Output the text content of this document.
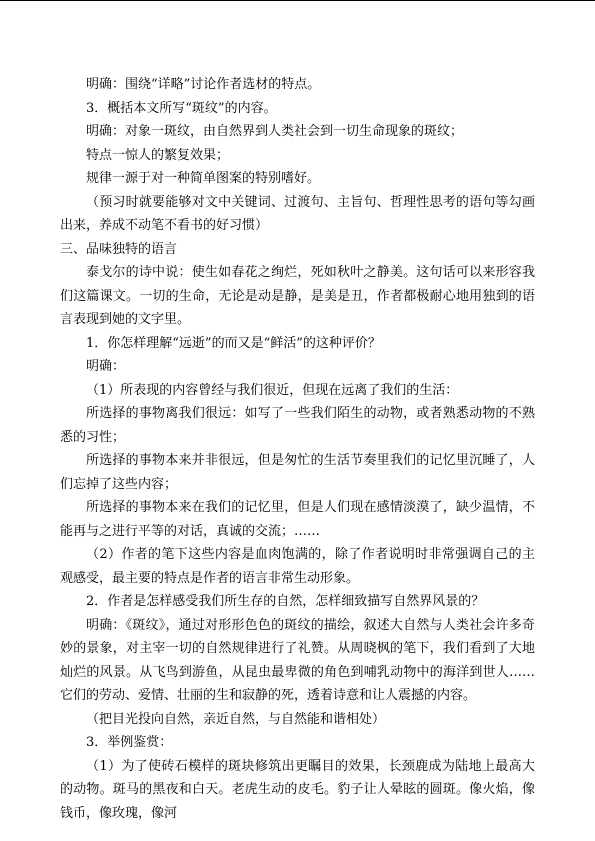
明确：围绕“详略”讨论作者选材的特点。

3．概括本文所写“斑纹”的内容。

明确：对象一斑纹，由自然界到人类社会到一切生命现象的斑纹；

特点一惊人的繁复效果；

规律一源于对一种简单图案的特别嗜好。

（预习时就要能够对文中关键词、过渡句、主旨句、哲理性思考的语句等勾画出来，养成不动笔不看书的好习惯）

三、品味独特的语言

泰戈尔的诗中说：使生如春花之绚烂，死如秋叶之静美。这句话可以来形容我们这篇课文。一切的生命，无论是动是静，是美是丑，作者都极耐心地用独到的语言表现到她的文字里。

1．你怎样理解“远逝”的而又是“鲜活”的这种评价？

明确：

（1）所表现的内容曾经与我们很近，但现在远离了我们的生活：

所选择的事物离我们很远：如写了一些我们陌生的动物，或者熟悉动物的不熟悉的习性；

所选择的事物本来并非很远，但是匆忙的生活节奏里我们的记忆里沉睡了，人们忘掉了这些内容；

所选择的事物本来在我们的记忆里，但是人们现在感情淡漠了，缺少温情，不能再与之进行平等的对话，真诚的交流；……

（2）作者的笔下这些内容是血肉饱满的，除了作者说明时非常强调自己的主观感受，最主要的特点是作者的语言非常生动形象。

2．作者是怎样感受我们所生存的自然，怎样细致描写自然界风景的？

明确：《斑纹》，通过对形形色色的斑纹的描绘，叙述大自然与人类社会许多奇妙的景象，对主宰一切的自然规律进行了礼赞。从周晓枫的笔下，我们看到了大地灿烂的风景。从飞鸟到游鱼，从昆虫最卑微的角色到哺乳动物中的海洋到世人……它们的劳动、爱情、壮丽的生和寂静的死，透着诗意和让人震撼的内容。

（把目光投向自然，亲近自然，与自然能和谐相处）

3．举例鉴赏：

（1）为了使砖石模样的斑块修筑出更瞩目的效果，长颈鹿成为陆地上最高大的动物。斑马的黑夜和白天。老虎生动的皮毛。豹子让人晕眩的圆斑。像火焰，像钱币，像玫瑰，像河
